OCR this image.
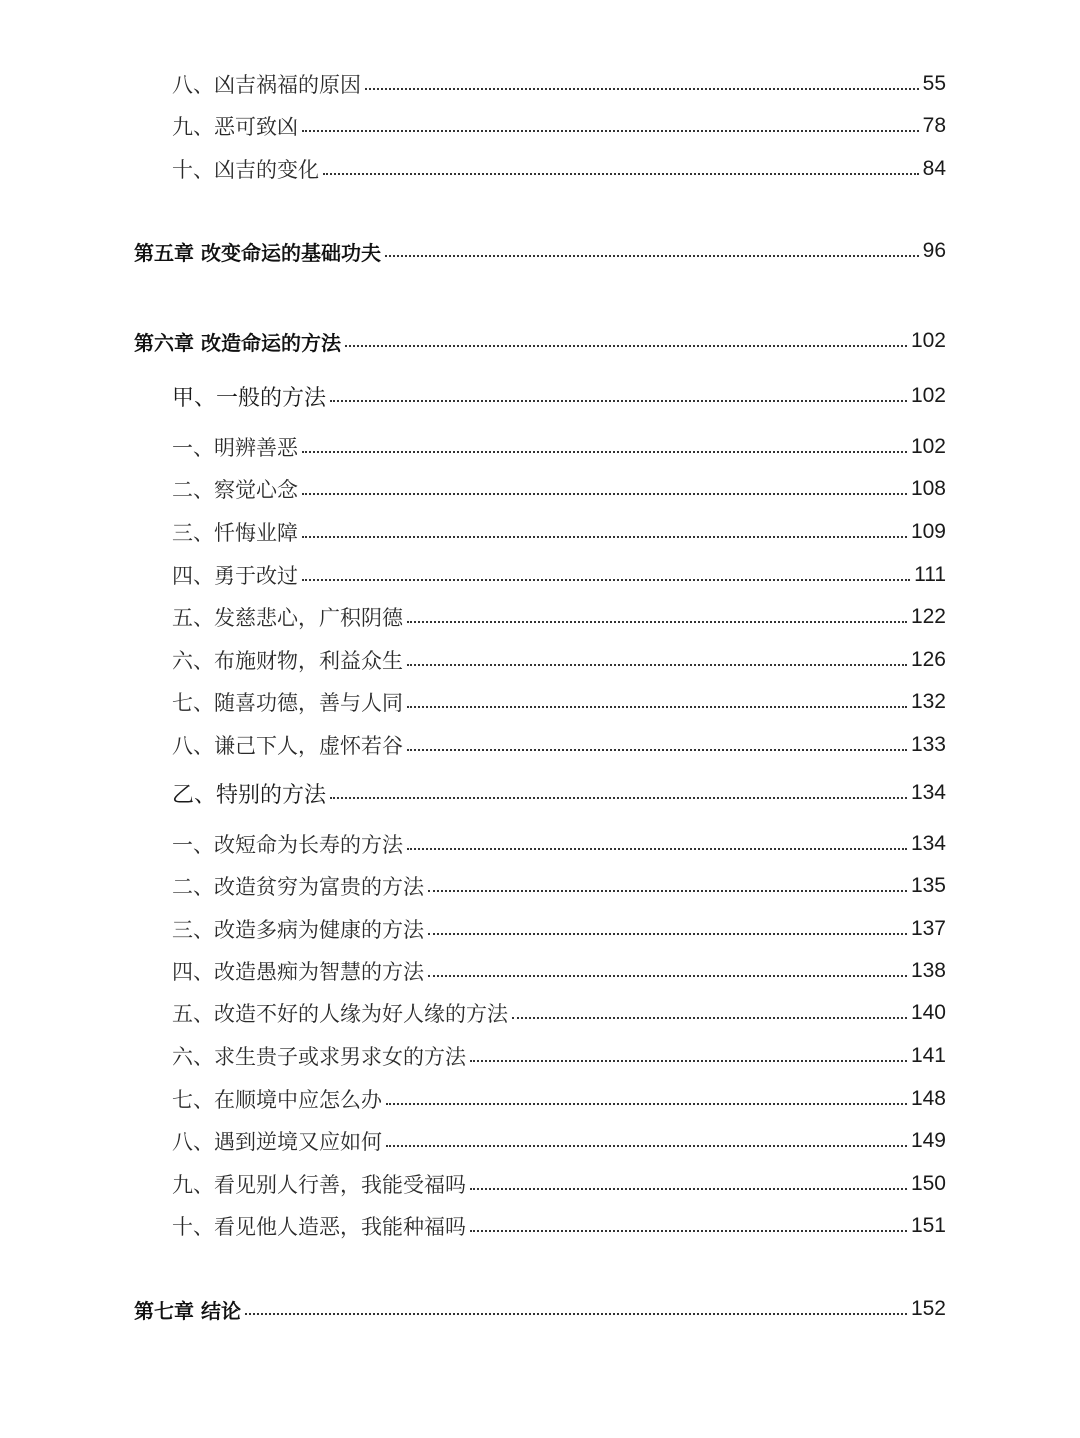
八、凶吉祸福的原因	55
九、恶可致凶	78
十、凶吉的变化	84
第五章 改变命运的基础功夫	96
第六章 改造命运的方法	102
甲、一般的方法	102
一、明辨善恶	102
二、察觉心念	108
三、忏悔业障	109
四、勇于改过	111
五、发慈悲心，广积阴德	122
六、布施财物，利益众生	126
七、随喜功德，善与人同	132
八、谦己下人，虚怀若谷	133
乙、特别的方法	134
一、改短命为长寿的方法	134
二、改造贫穷为富贵的方法	135
三、改造多病为健康的方法	137
四、改造愚痴为智慧的方法	138
五、改造不好的人缘为好人缘的方法	140
六、求生贵子或求男求女的方法	141
七、在顺境中应怎么办	148
八、遇到逆境又应如何	149
九、看见别人行善，我能受福吗	150
十、看见他人造恶，我能种福吗	151
第七章 结论	152
